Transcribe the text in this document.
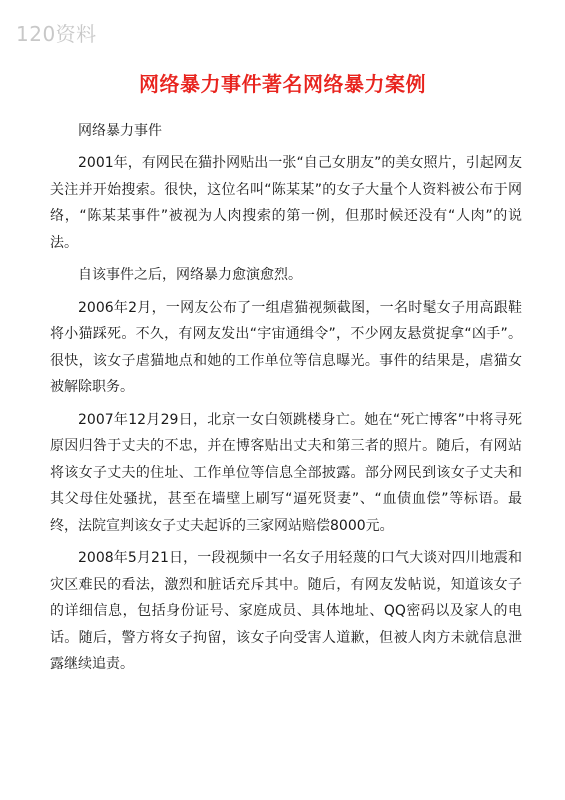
120资料
网络暴力事件著名网络暴力案例

网络暴力事件

2001年，有网民在猫扑网贴出一张“自己女朋友”的美女照片，引起网友关注并开始搜索。很快，这位名叫“陈某某”的女子大量个人资料被公布于网络，“陈某某事件”被视为人肉搜索的第一例，但那时候还没有“人肉”的说法。

自该事件之后，网络暴力愈演愈烈。

2006年2月，一网友公布了一组虐猫视频截图，一名时髦女子用高跟鞋将小猫踩死。不久，有网友发出“宇宙通缉令”，不少网友悬赏捉拿“凶手”。很快，该女子虐猫地点和她的工作单位等信息曝光。事件的结果是，虐猫女被解除职务。

2007年12月29日，北京一女白领跳楼身亡。她在“死亡博客”中将寻死原因归咎于丈夫的不忠，并在博客贴出丈夫和第三者的照片。随后，有网站将该女子丈夫的住址、工作单位等信息全部披露。部分网民到该女子丈夫和其父母住处骚扰，甚至在墙壁上刷写“逼死贤妻”、“血债血偿”等标语。最终，法院宣判该女子丈夫起诉的三家网站赔偿8000元。

2008年5月21日，一段视频中一名女子用轻蔑的口气大谈对四川地震和灾区难民的看法，激烈和脏话充斥其中。随后，有网友发帖说，知道该女子的详细信息，包括身份证号、家庭成员、具体地址、QQ密码以及家人的电话。随后，警方将女子拘留，该女子向受害人道歉，但被人肉方未就信息泄露继续追责。
